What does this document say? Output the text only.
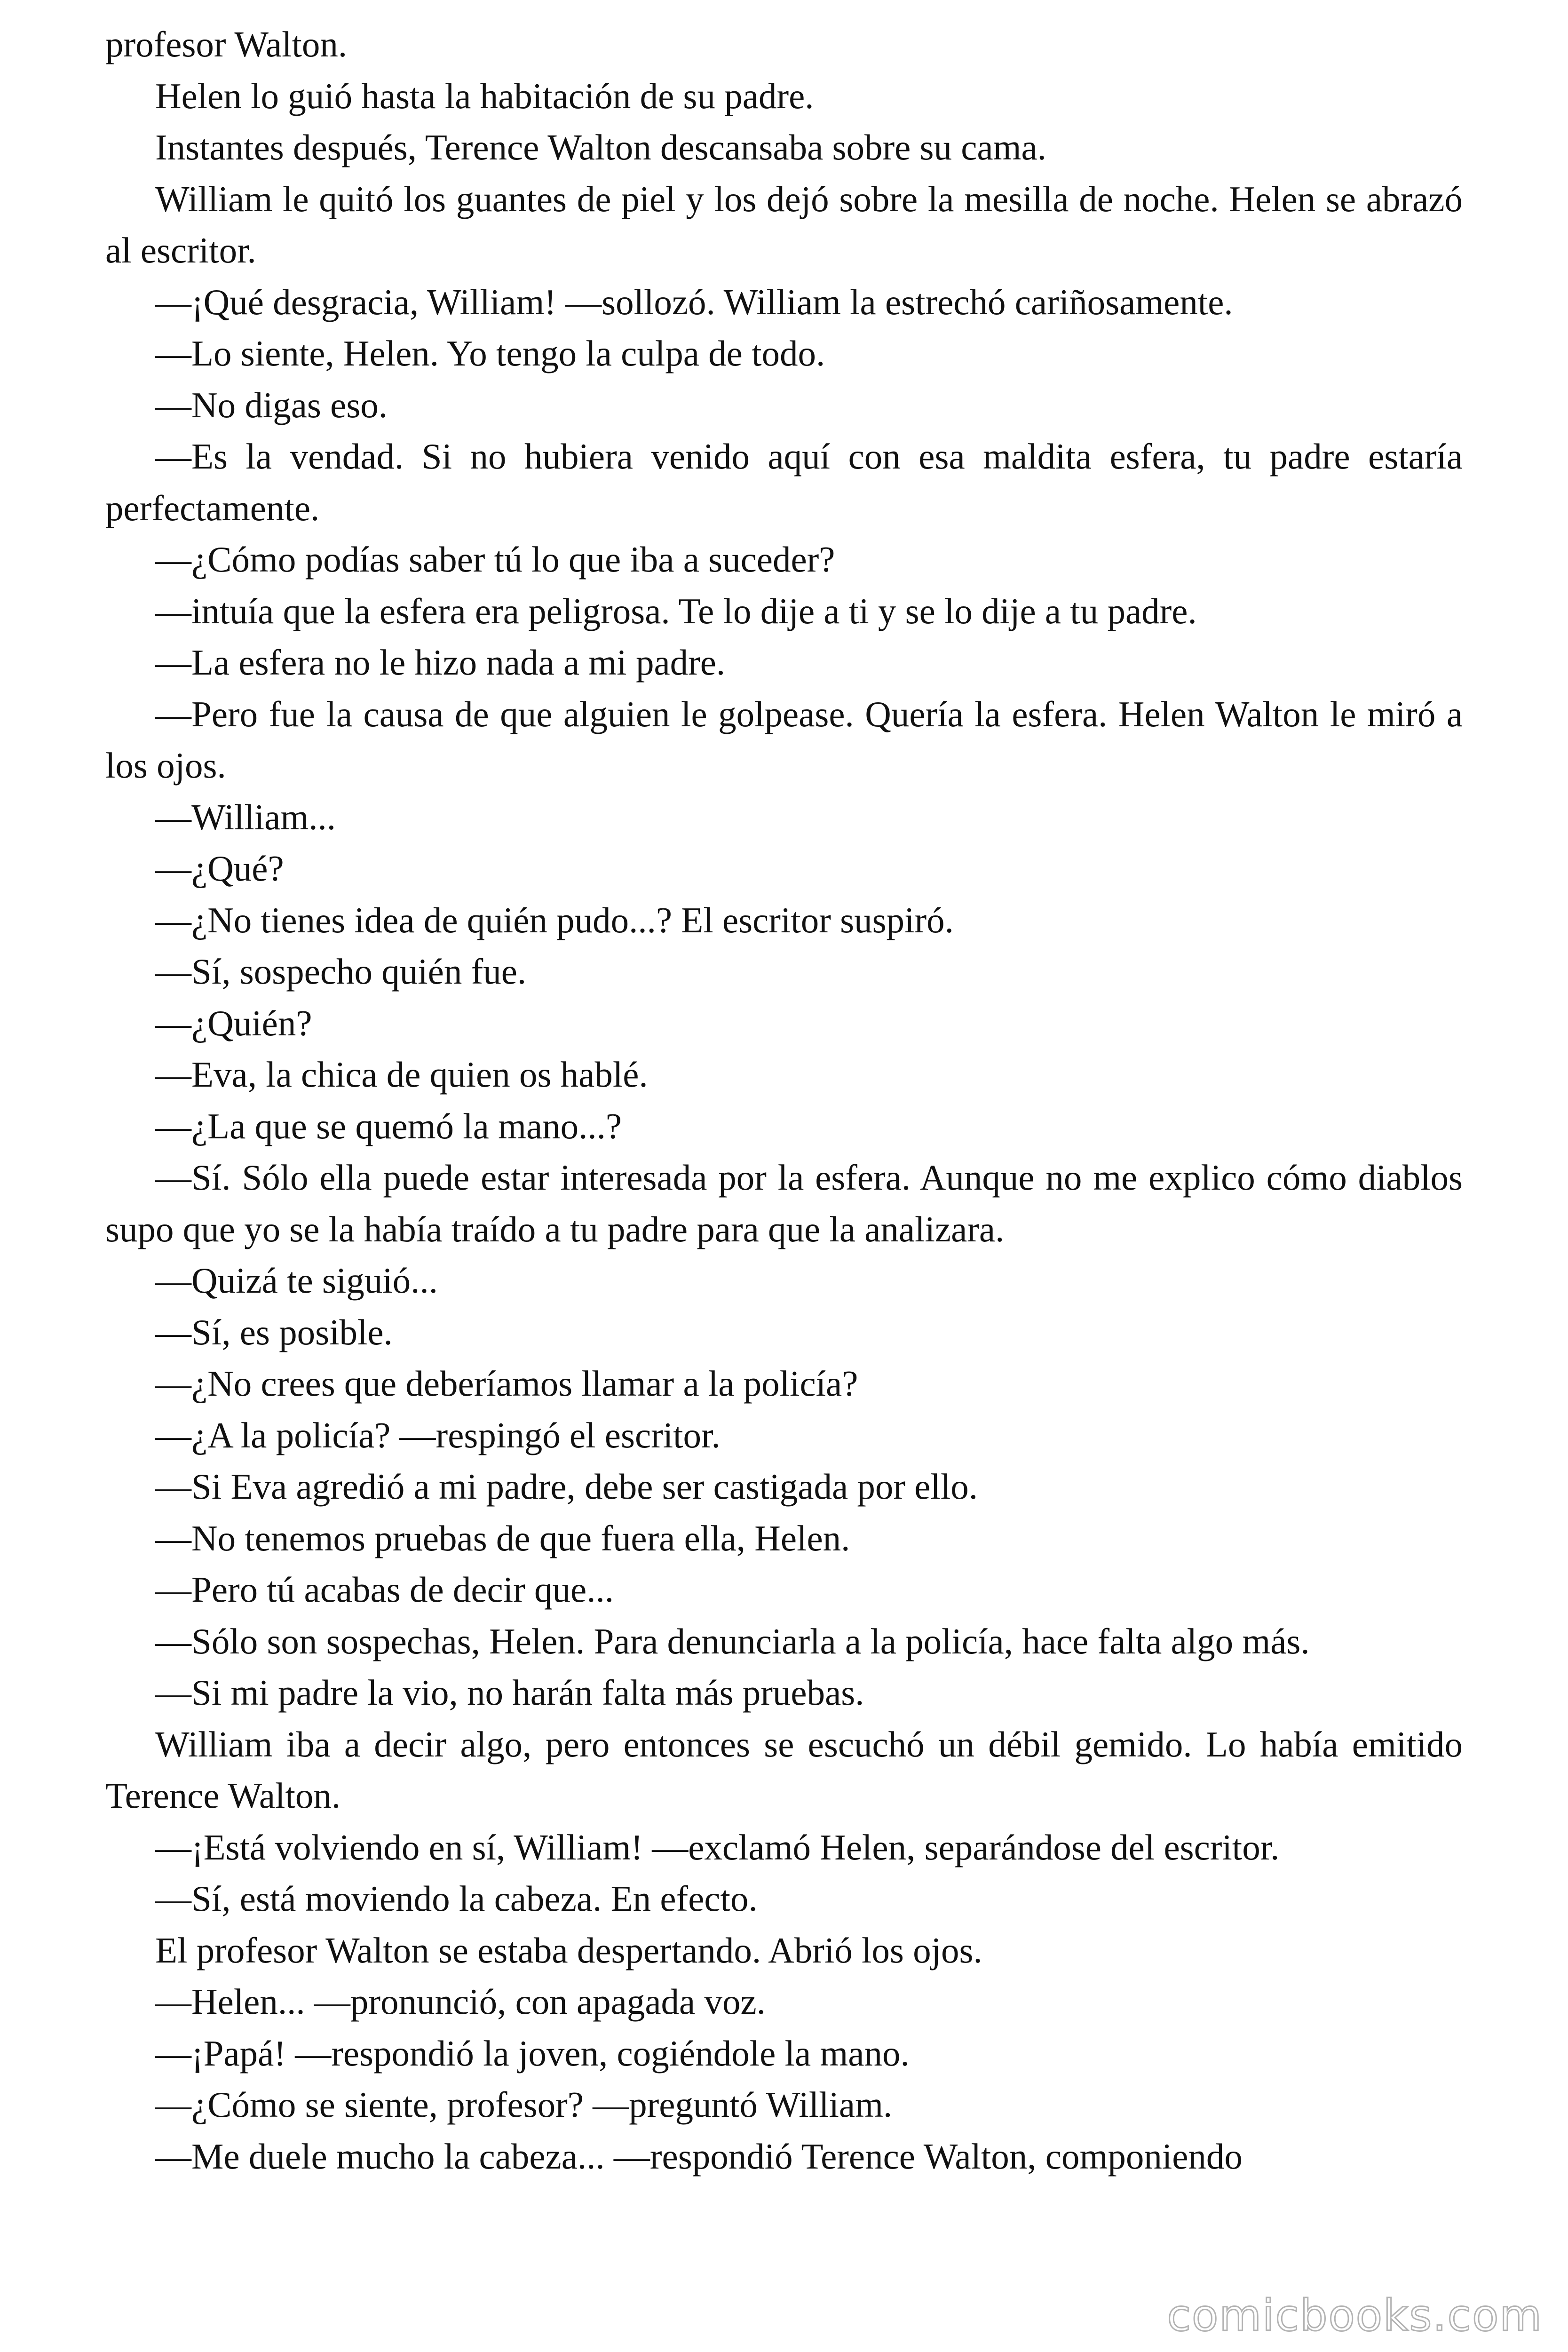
profesor Walton.

Helen lo guió hasta la habitación de su padre.

Instantes después, Terence Walton descansaba sobre su cama.

William le quitó los guantes de piel y los dejó sobre la mesilla de noche. Helen se abrazó al escritor.

—¡Qué desgracia, William! —sollozó. William la estrechó cariñosamente.

—Lo siente, Helen. Yo tengo la culpa de todo.

—No digas eso.

—Es la vendad. Si no hubiera venido aquí con esa maldita esfera, tu padre estaría perfectamente.

—¿Cómo podías saber tú lo que iba a suceder?

—intuía que la esfera era peligrosa. Te lo dije a ti y se lo dije a tu padre.

—La esfera no le hizo nada a mi padre.

—Pero fue la causa de que alguien le golpease. Quería la esfera. Helen Walton le miró a los ojos.

—William...

—¿Qué?

—¿No tienes idea de quién pudo...? El escritor suspiró.

—Sí, sospecho quién fue.

—¿Quién?

—Eva, la chica de quien os hablé.

—¿La que se quemó la mano...?

—Sí. Sólo ella puede estar interesada por la esfera. Aunque no me explico cómo diablos supo que yo se la había traído a tu padre para que la analizara.

—Quizá te siguió...

—Sí, es posible.

—¿No crees que deberíamos llamar a la policía?

—¿A la policía? —respingó el escritor.

—Si Eva agredió a mi padre, debe ser castigada por ello.

—No tenemos pruebas de que fuera ella, Helen.

—Pero tú acabas de decir que...

—Sólo son sospechas, Helen. Para denunciarla a la policía, hace falta algo más.

—Si mi padre la vio, no harán falta más pruebas.

William iba a decir algo, pero entonces se escuchó un débil gemido. Lo había emitido Terence Walton.

—¡Está volviendo en sí, William! —exclamó Helen, separándose del escritor.

—Sí, está moviendo la cabeza. En efecto.

El profesor Walton se estaba despertando. Abrió los ojos.

—Helen... —pronunció, con apagada voz.

—¡Papá! —respondió la joven, cogiéndole la mano.

—¿Cómo se siente, profesor? —preguntó William.

—Me duele mucho la cabeza... —respondió Terence Walton, componiendo

comicbooks.com
